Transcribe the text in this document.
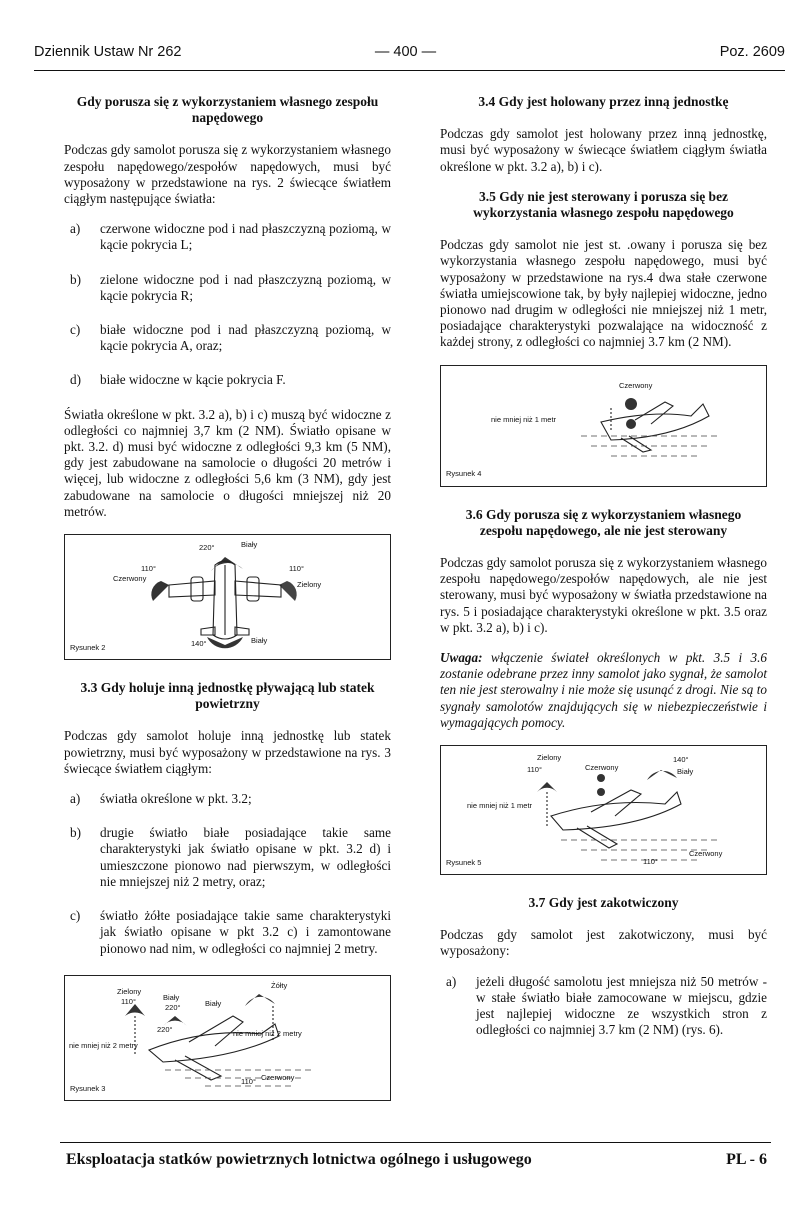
Dziennik Ustaw Nr 262	— 400 —	Poz. 2609
Gdy porusza się z wykorzystaniem własnego zespołu napędowego

Podczas gdy samolot porusza się z wykorzystaniem własnego zespołu napędowego/zespołów napędowych, musi być wyposażony w przedstawione na rys. 2 świecące światłem ciągłym następujące światła:

a)	czerwone widoczne pod i nad płaszczyzną poziomą, w kącie pokrycia L;
b)	zielone widoczne pod i nad płaszczyzną poziomą, w kącie pokrycia R;
c)	białe widoczne pod i nad płaszczyzną poziomą, w kącie pokrycia A, oraz;
d)	białe widoczne w kącie pokrycia F.

Światła określone w pkt. 3.2 a), b) i c) muszą być widoczne z odległości co najmniej 3,7 km (2 NM). Światło opisane w pkt. 3.2. d) musi być widoczne z odległości 9,3 km (5 NM), gdy jest zabudowane na samolocie o długości 20 metrów i więcej, lub widoczne z odległości 5,6 km (3 NM), gdy jest zabudowane na samolocie o długości mniejszej niż 20 metrów.

220°	Biały
110°
Czerwony
110°
Zielony
140°	Biały
Rysunek 2
3.3 Gdy holuje inną jednostkę pływającą lub statek powietrzny

Podczas gdy samolot holuje inną jednostkę lub statek powietrzny, musi być wyposażony w przedstawione na rys. 3 świecące światłem ciągłym:

a)	światła określone w pkt. 3.2;
b)	drugie światło białe posiadające takie same charakterystyki jak światło opisane w pkt. 3.2 d) i umieszczone pionowo nad pierwszym, w odległości nie mniejszej niż 2 metry, oraz;
c)	światło żółte posiadające takie same charakterystyki jak światło opisane w pkt 3.2 c) i zamontowane pionowo nad nim, w odległości co najmniej 2 metry.
Zielony
110°	Biały
220°	Biały
Żółty
220°	nie mniej niż 2 metry
nie mniej niż 2 metry
110° Czerwony
Rysunek 3
3.4 Gdy jest holowany przez inną jednostkę

Podczas gdy samolot jest holowany przez inną jednostkę, musi być wyposażony w świecące światłem ciągłym światła określone w pkt. 3.2 a), b) i c).

3.5 Gdy nie jest sterowany i porusza się bez wykorzystania własnego zespołu napędowego

Podczas gdy samolot nie jest st. .owany i porusza się bez wykorzystania własnego zespołu napędowego, musi być wyposażony w przedstawione na rys.4 dwa stałe czerwone światła umiejscowione tak, by były najlepiej widoczne, jedno pionowo nad drugim w odległości nie mniejszej niż 1 metr, posiadające charakterystyki pozwalające na widoczność z każdej strony, z odległości co najmniej 3.7 km (2 NM).

Czerwony
nie mniej niż 1 metr
Rysunek 4
3.6 Gdy porusza się z wykorzystaniem własnego zespołu napędowego, ale nie jest sterowany

Podczas gdy samolot porusza się z wykorzystaniem własnego zespołu napędowego/zespołów napędowych, ale nie jest sterowany, musi być wyposażony w światła przedstawione na rys. 5 i posiadające charakterystyki określone w pkt. 3.5 oraz w pkt. 3.2 a), b) i c).

Uwaga: włączenie świateł określonych w pkt. 3.5 i 3.6 zostanie odebrane przez inny samolot jako sygnał, że samolot ten nie jest sterowalny i nie może się usunąć z drogi. Nie są to sygnały samolotów znajdujących się w niebezpieczeństwie i wymagających pomocy.

Zielony
110°	Czerwony
140°
Biały
nie mniej niż 1 metr
110°
Czerwony
Rysunek 5
3.7 Gdy jest zakotwiczony

Podczas gdy samolot jest zakotwiczony, musi być wyposażony:

a)	jeżeli długość samolotu jest mniejsza niż 50 metrów - w stałe światło białe zamocowane w miejscu, gdzie jest najlepiej widoczne ze wszystkich stron z odległości co najmniej 3.7 km (2 NM) (rys. 6).
Eksploatacja statków powietrznych lotnictwa ogólnego i usługowego	PL - 6
